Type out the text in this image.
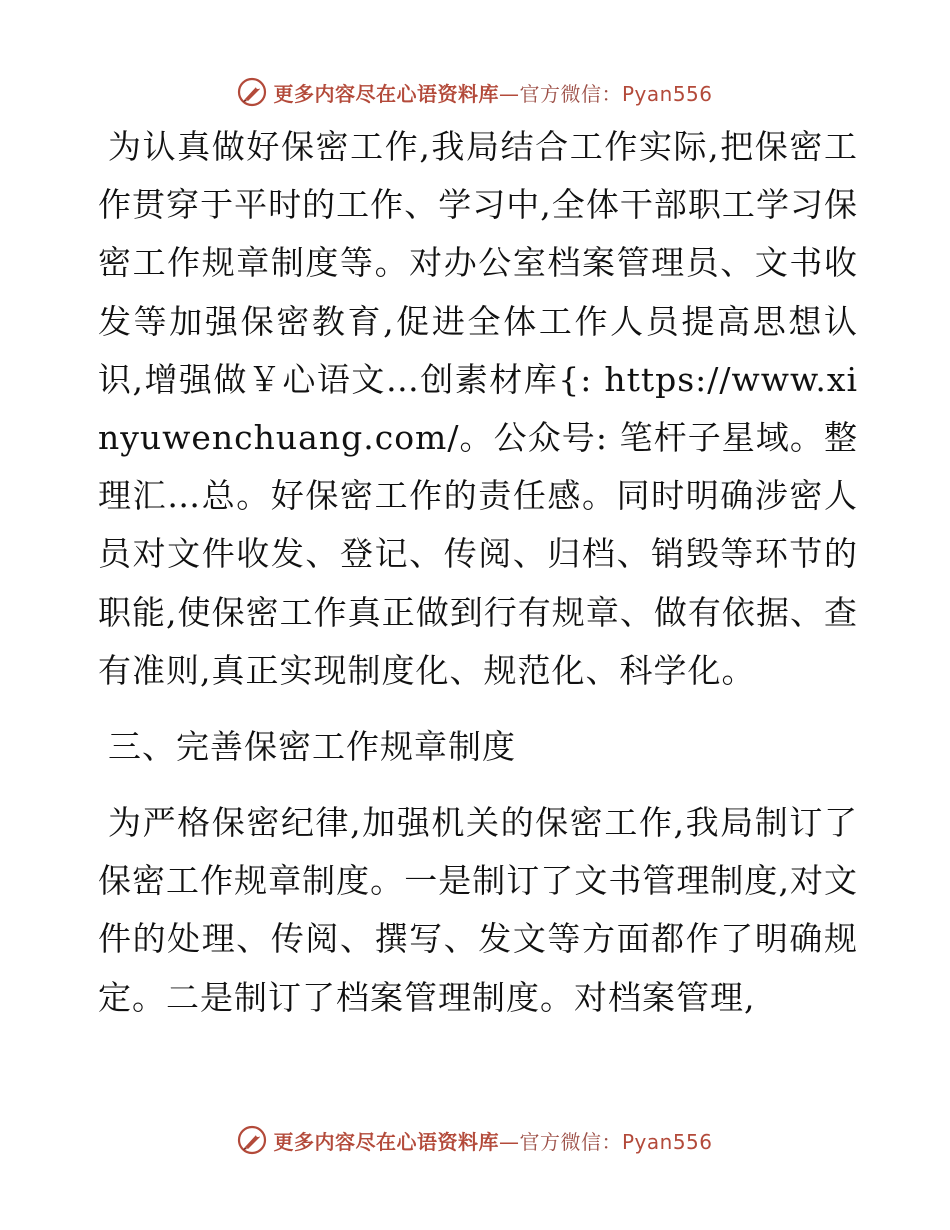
更多内容尽在心语资料库—官方微信：Pyan556

为认真做好保密工作,我局结合工作实际,把保密工作贯穿于平时的工作、学习中,全体干部职工学习保密工作规章制度等。对办公室档案管理员、文书收发等加强保密教育,促进全体工作人员提高思想认识,增强做￥心语文…创素材库{: https://www.xinyuwenchuang.com/。公众号: 笔杆子星域。整理汇…总。好保密工作的责任感。同时明确涉密人员对文件收发、登记、传阅、归档、销毁等环节的职能,使保密工作真正做到行有规章、做有依据、查有准则,真正实现制度化、规范化、科学化。

三、完善保密工作规章制度

为严格保密纪律,加强机关的保密工作,我局制订了保密工作规章制度。一是制订了文书管理制度,对文件的处理、传阅、撰写、发文等方面都作了明确规定。二是制订了档案管理制度。对档案管理,

更多内容尽在心语资料库—官方微信：Pyan556
